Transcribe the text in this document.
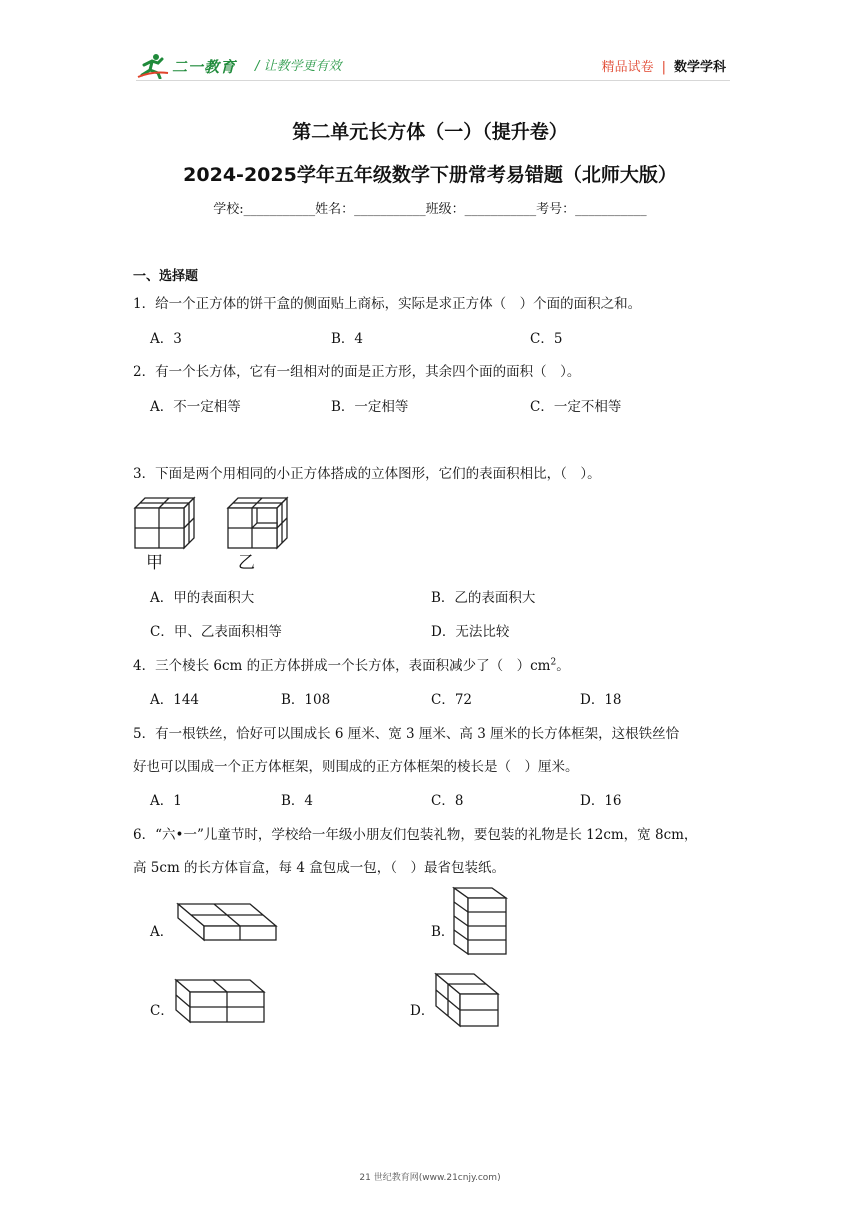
二一教育 / 让教学更有效	精品试卷 | 数学学科
第二单元长方体（一）（提升卷）
2024-2025学年五年级数学下册常考易错题（北师大版）
学校:___________姓名：___________班级：___________考号：___________
一、选择题
1．给一个正方体的饼干盒的侧面贴上商标，实际是求正方体（　）个面的面积之和。
A．3	B．4	C．5
2．有一个长方体，它有一组相对的面是正方形，其余四个面的面积（　）。
A．不一定相等	B．一定相等	C．一定不相等
3．下面是两个用相同的小正方体搭成的立体图形，它们的表面积相比，（　）。
甲	乙
A．甲的表面积大	B．乙的表面积大
C．甲、乙表面积相等	D．无法比较
4．三个棱长 6cm 的正方体拼成一个长方体，表面积减少了（　）$cm^2$。
A．144	B．108	C．72	D．18
5．有一根铁丝，恰好可以围成长 6 厘米、宽 3 厘米、高 3 厘米的长方体框架，这根铁丝恰
好也可以围成一个正方体框架，则围成的正方体框架的棱长是（　）厘米。
A．1	B．4	C．8	D．16
6．“六•一”儿童节时，学校给一年级小朋友们包装礼物，要包装的礼物是长 12cm，宽 8cm，
高 5cm 的长方体盲盒，每 4 盒包成一包，（　）最省包装纸。
A．	B．
C．	D．
21 世纪教育网(www.21cnjy.com)
